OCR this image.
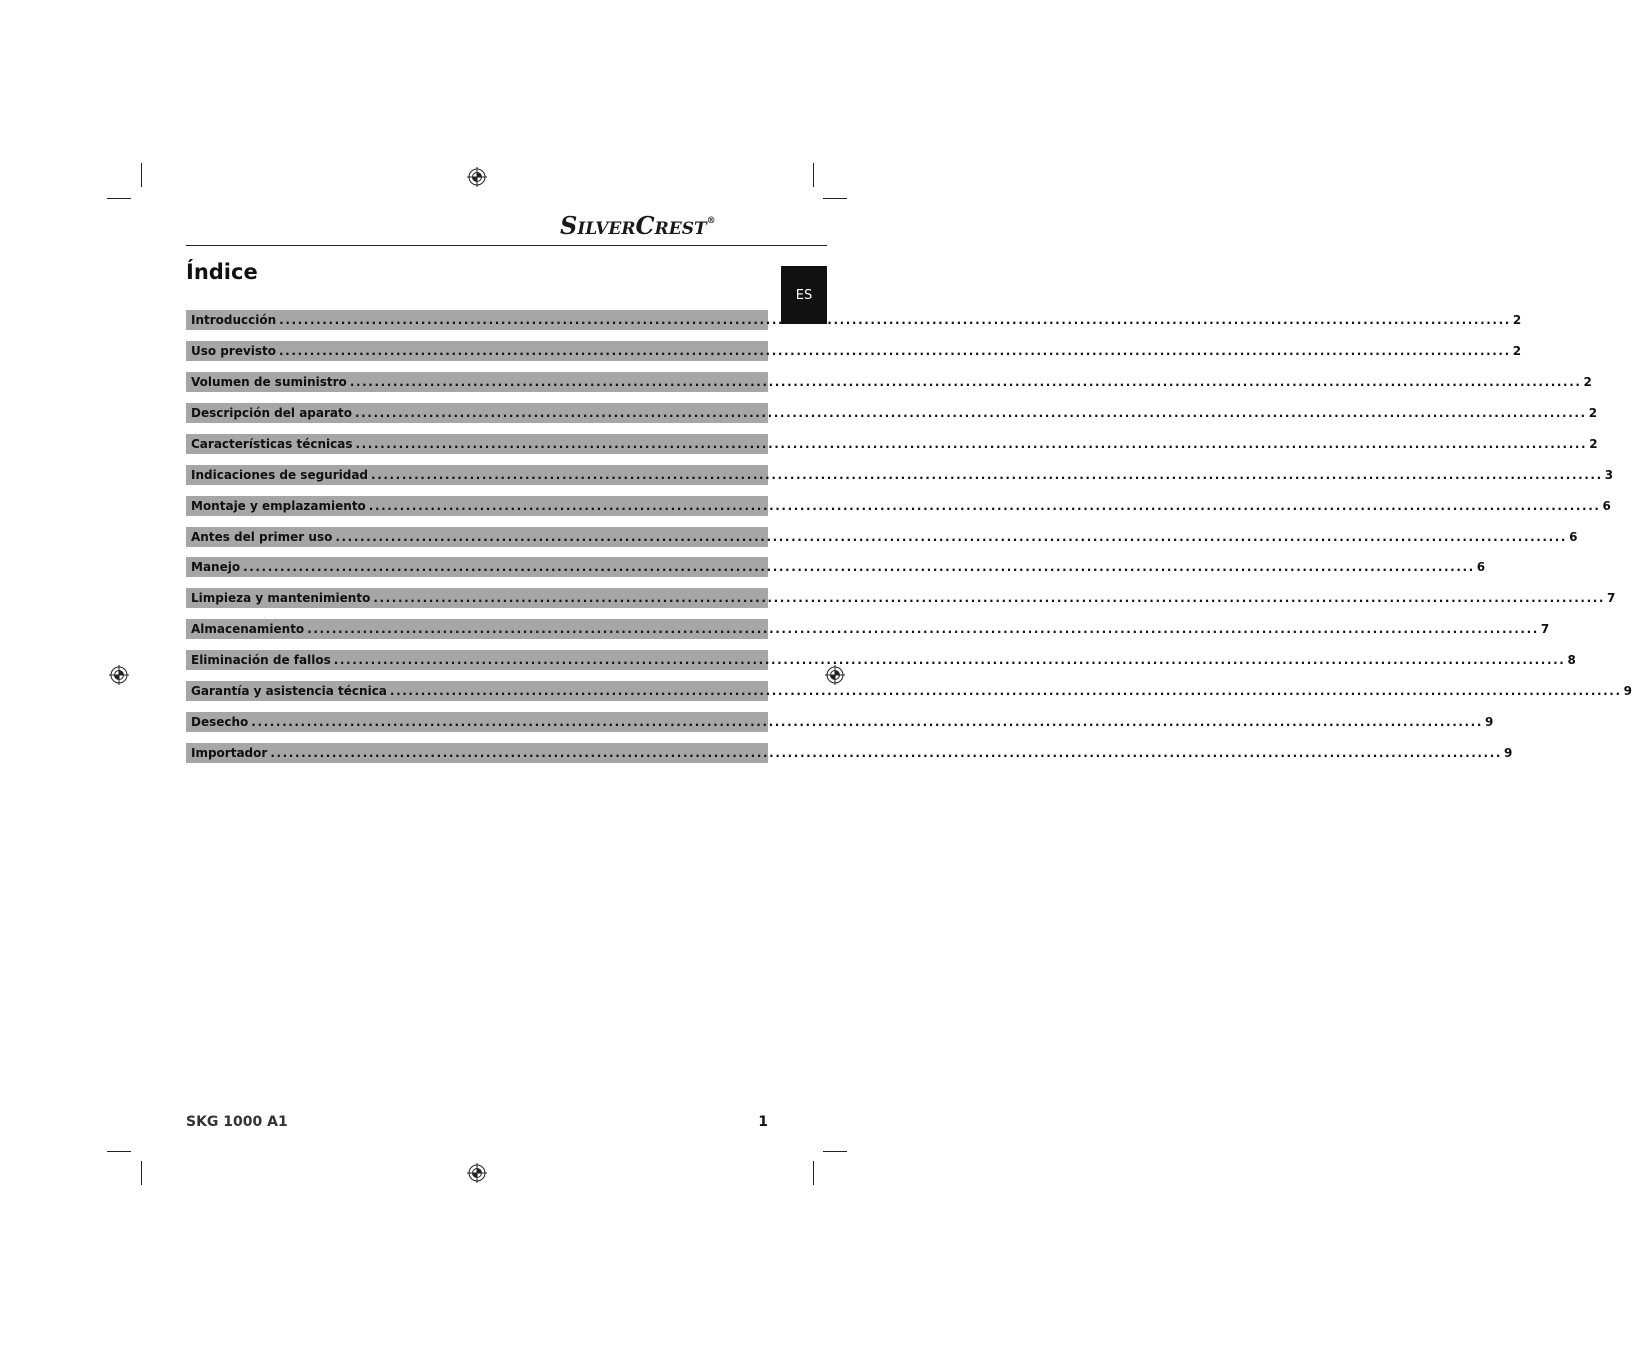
SILVERCREST®
Índice
ES
Introducción ........................................................................................................................................................................................................ 2
Uso previsto ........................................................................................................................................................................................................ 2
Volumen de suministro ........................................................................................................................................................................................................ 2
Descripción del aparato ........................................................................................................................................................................................................ 2
Características técnicas ........................................................................................................................................................................................................ 2
Indicaciones de seguridad ........................................................................................................................................................................................................ 3
Montaje y emplazamiento ........................................................................................................................................................................................................ 6
Antes del primer uso ........................................................................................................................................................................................................ 6
Manejo ........................................................................................................................................................................................................ 6
Limpieza y mantenimiento ........................................................................................................................................................................................................ 7
Almacenamiento ........................................................................................................................................................................................................ 7
Eliminación de fallos ........................................................................................................................................................................................................ 8
Garantía y asistencia técnica ........................................................................................................................................................................................................ 9
Desecho ........................................................................................................................................................................................................ 9
Importador ........................................................................................................................................................................................................ 9
SKG 1000 A1	1
